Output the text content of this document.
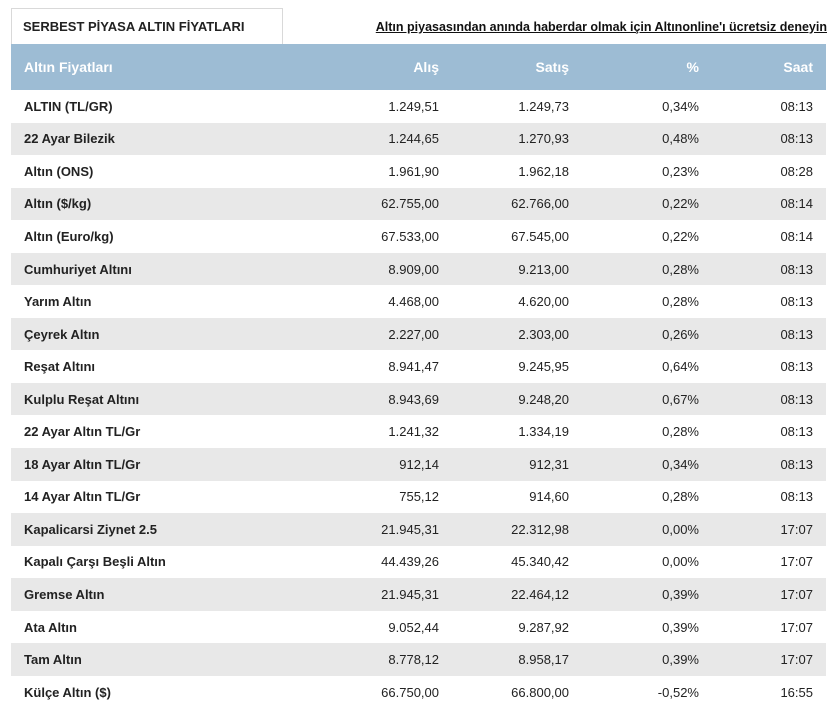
SERBEST PİYASA ALTIN FİYATLARI	Altın piyasasından anında haberdar olmak için Altınonline'ı ücretsiz deneyin
Altın Fiyatları	Alış	Satış	%	Saat
ALTIN (TL/GR)	1.249,51	1.249,73	0,34%	08:13
22 Ayar Bilezik	1.244,65	1.270,93	0,48%	08:13
Altın (ONS)	1.961,90	1.962,18	0,23%	08:28
Altın ($/kg)	62.755,00	62.766,00	0,22%	08:14
Altın (Euro/kg)	67.533,00	67.545,00	0,22%	08:14
Cumhuriyet Altını	8.909,00	9.213,00	0,28%	08:13
Yarım Altın	4.468,00	4.620,00	0,28%	08:13
Çeyrek Altın	2.227,00	2.303,00	0,26%	08:13
Reşat Altını	8.941,47	9.245,95	0,64%	08:13
Kulplu Reşat Altını	8.943,69	9.248,20	0,67%	08:13
22 Ayar Altın TL/Gr	1.241,32	1.334,19	0,28%	08:13
18 Ayar Altın TL/Gr	912,14	912,31	0,34%	08:13
14 Ayar Altın TL/Gr	755,12	914,60	0,28%	08:13
Kapalicarsi Ziynet 2.5	21.945,31	22.312,98	0,00%	17:07
Kapalı Çarşı Beşli Altın	44.439,26	45.340,42	0,00%	17:07
Gremse Altın	21.945,31	22.464,12	0,39%	17:07
Ata Altın	9.052,44	9.287,92	0,39%	17:07
Tam Altın	8.778,12	8.958,17	0,39%	17:07
Külçe Altın ($)	66.750,00	66.800,00	-0,52%	16:55
